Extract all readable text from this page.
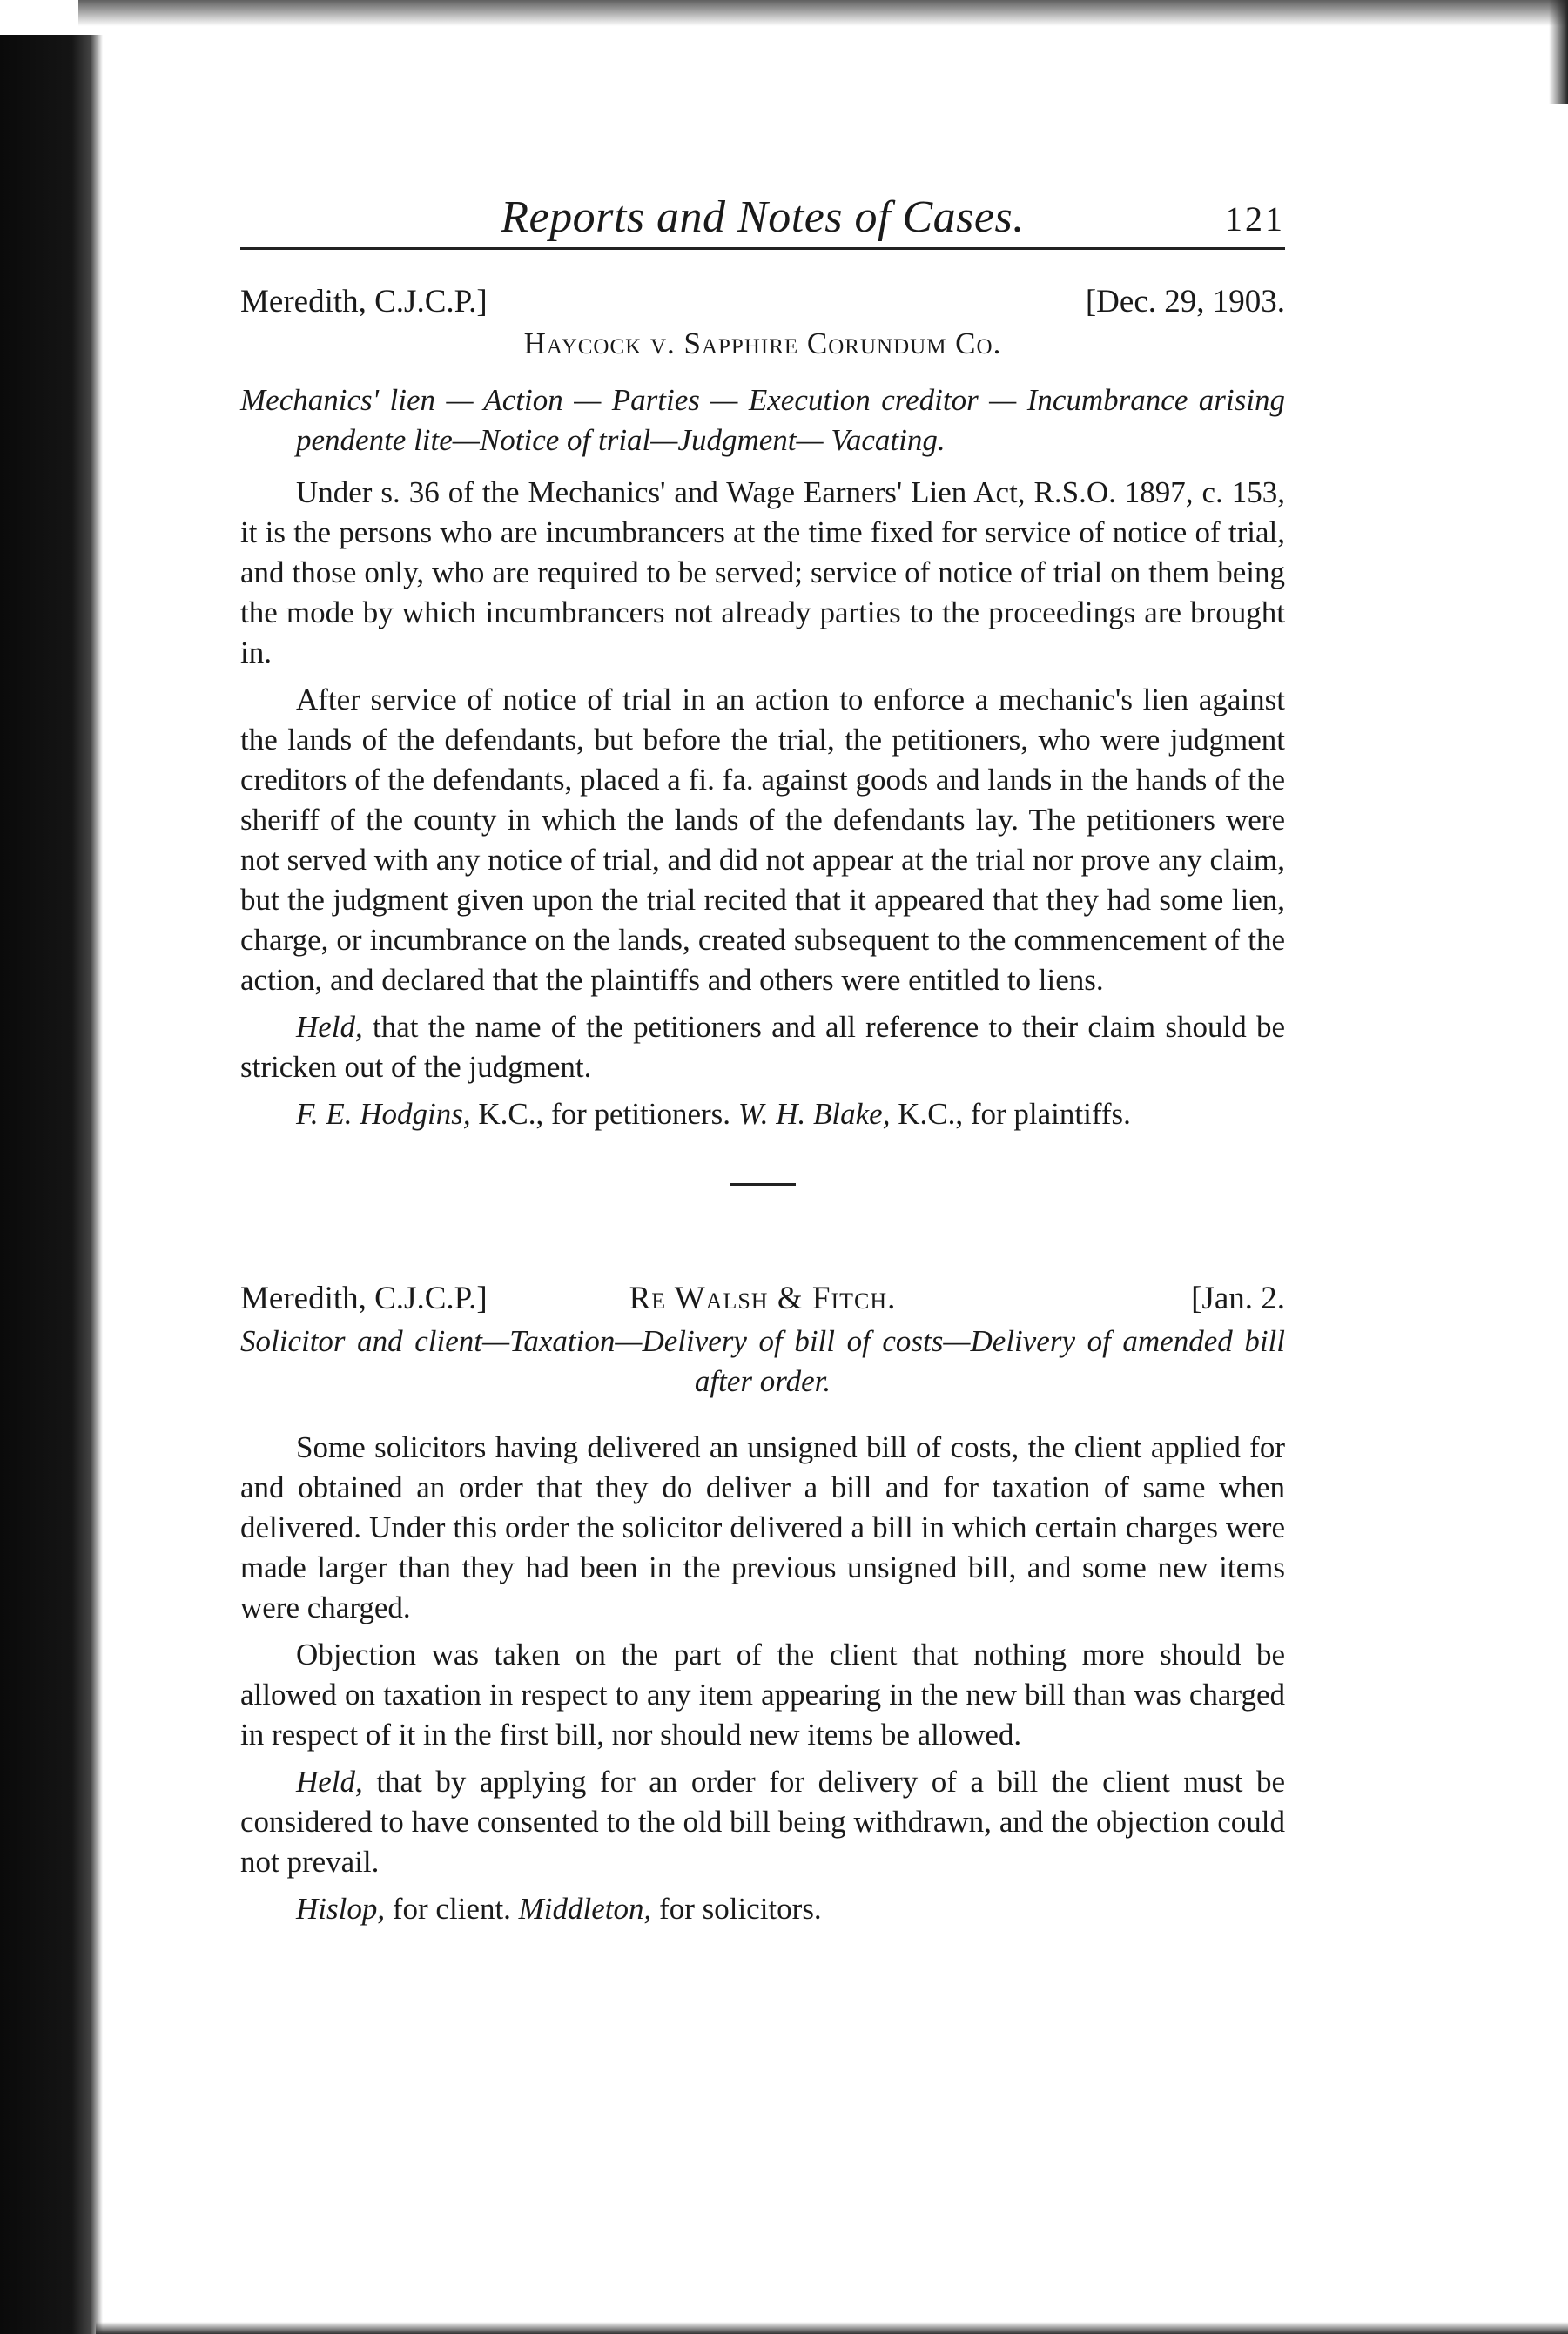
Reports and Notes of Cases.	121
Meredith, C.J.C.P.]	[Dec. 29, 1903.
Haycock v. Sapphire Corundum Co.
Mechanics' lien — Action — Parties — Execution creditor — Incumbrance arising pendente lite—Notice of trial—Judgment— Vacating.

Under s. 36 of the Mechanics' and Wage Earners' Lien Act, R.S.O. 1897, c. 153, it is the persons who are incumbrancers at the time fixed for service of notice of trial, and those only, who are required to be served; service of notice of trial on them being the mode by which incumbrancers not already parties to the proceedings are brought in.

After service of notice of trial in an action to enforce a mechanic's lien against the lands of the defendants, but before the trial, the petitioners, who were judgment creditors of the defendants, placed a fi. fa. against goods and lands in the hands of the sheriff of the county in which the lands of the defendants lay. The petitioners were not served with any notice of trial, and did not appear at the trial nor prove any claim, but the judgment given upon the trial recited that it appeared that they had some lien, charge, or incumbrance on the lands, created subsequent to the commencement of the action, and declared that the plaintiffs and others were entitled to liens.

Held, that the name of the petitioners and all reference to their claim should be stricken out of the judgment.

F. E. Hodgins, K.C., for petitioners. W. H. Blake, K.C., for plaintiffs.

Meredith, C.J.C.P.]	Re Walsh & Fitch.	[Jan. 2.
Solicitor and client—Taxation—Delivery of bill of costs—Delivery of amended bill after order.

Some solicitors having delivered an unsigned bill of costs, the client applied for and obtained an order that they do deliver a bill and for taxation of same when delivered. Under this order the solicitor delivered a bill in which certain charges were made larger than they had been in the previous unsigned bill, and some new items were charged.

Objection was taken on the part of the client that nothing more should be allowed on taxation in respect to any item appearing in the new bill than was charged in respect of it in the first bill, nor should new items be allowed.

Held, that by applying for an order for delivery of a bill the client must be considered to have consented to the old bill being withdrawn, and the objection could not prevail.

Hislop, for client. Middleton, for solicitors.
